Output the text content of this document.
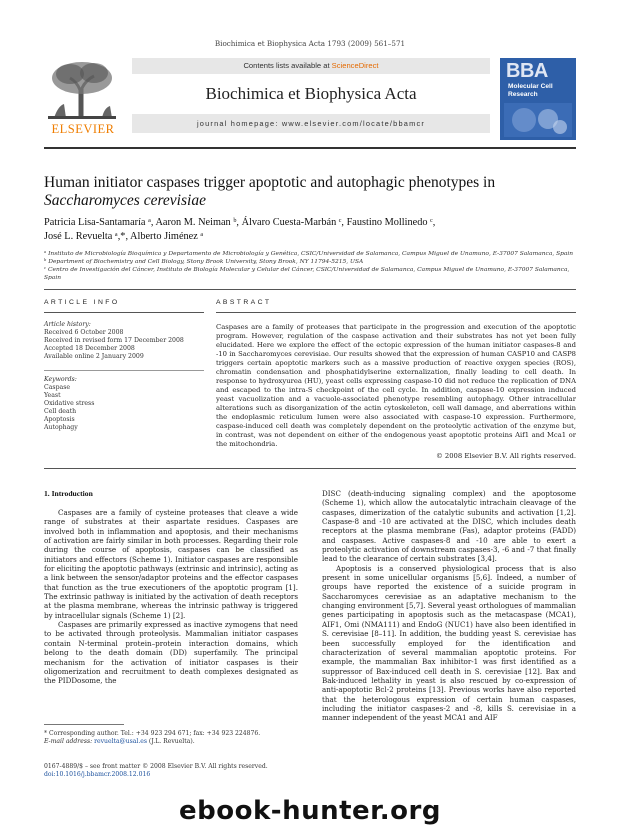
Biochimica et Biophysica Acta 1793 (2009) 561–571
ELSEVIER
Contents lists available at ScienceDirect
Biochimica et Biophysica Acta
journal homepage: www.elsevier.com/locate/bbamcr
BBA
Molecular Cell Research
Human initiator caspases trigger apoptotic and autophagic phenotypes in
Saccharomyces cerevisiae
Patricia Lisa-Santamaría ᵃ, Aaron M. Neiman ᵇ, Álvaro Cuesta-Marbán ᶜ, Faustino Mollinedo ᶜ,
José L. Revuelta ᵃ,*, Alberto Jiménez ᵃ
ᵃ Instituto de Microbiología Bioquímica y Departamento de Microbiología y Genética, CSIC/Universidad de Salamanca, Campus Miguel de Unamuno, E-37007 Salamanca, Spain
ᵇ Department of Biochemistry and Cell Biology, Stony Brook University, Stony Brook, NY 11794-5215, USA
ᶜ Centro de Investigación del Cáncer, Instituto de Biología Molecular y Celular del Cáncer, CSIC/Universidad de Salamanca, Campus Miguel de Unamuno, E-37007 Salamanca, Spain
ARTICLE INFO
Article history:
Received 6 October 2008
Received in revised form 17 December 2008
Accepted 18 December 2008
Available online 2 January 2009
Keywords:
Caspase
Yeast
Oxidative stress
Cell death
Apoptosis
Autophagy
ABSTRACT
Caspases are a family of proteases that participate in the progression and execution of the apoptotic program. However, regulation of the caspase activation and their substrates has not yet been fully elucidated. Here we explore the effect of the ectopic expression of the human initiator caspases-8 and -10 in Saccharomyces cerevisiae. Our results showed that the expression of human CASP10 and CASP8 triggers certain apoptotic markers such as a massive production of reactive oxygen species (ROS), chromatin condensation and phosphatidylserine externalization, finally leading to cell death. In response to hydroxyurea (HU), yeast cells expressing caspase-10 did not reduce the replication of DNA and escaped to the intra-S checkpoint of the cell cycle. In addition, caspase-10 expression induced yeast vacuolization and a vacuole-associated phenotype resembling autophagy. Other intracellular alterations such as disorganization of the actin cytoskeleton, cell wall damage, and aberrations within the endoplasmic reticulum lumen were also associated with caspase-10 expression. Furthermore, caspase-induced cell death was completely dependent on the proteolytic activation of the enzyme but, in contrast, was not dependent on either of the endogenous yeast apoptotic proteins Aif1 and Mca1 or the mitochondria.
© 2008 Elsevier B.V. All rights reserved.
1. Introduction

Caspases are a family of cysteine proteases that cleave a wide range of substrates at their aspartate residues. Caspases are involved both in inflammation and apoptosis, and their mechanisms of activation are fairly similar in both processes. Regarding their role during the course of apoptosis, caspases can be classified as initiators and effectors (Scheme 1). Initiator caspases are responsible for eliciting the apoptotic pathways (extrinsic and intrinsic), acting as a link between the sensor/adaptor proteins and the effector caspases that function as the true executioners of the apoptotic program [1]. The extrinsic pathway is initiated by the activation of death receptors at the plasma membrane, whereas the intrinsic pathway is triggered by intracellular signals (Scheme 1) [2].

Caspases are primarily expressed as inactive zymogens that need to be activated through proteolysis. Mammalian initiator caspases contain N-terminal protein–protein interaction domains, which belong to the death domain (DD) superfamily. The principal mechanism for the activation of initiator caspases is their oligomerization and recruitment to death complexes designated as the PIDDosome, the

DISC (death-inducing signaling complex) and the apoptosome (Scheme 1), which allow the autocatalytic intrachain cleavage of the caspases, dimerization of the catalytic subunits and activation [1,2]. Caspase-8 and -10 are activated at the DISC, which includes death receptors at the plasma membrane (Fas), adaptor proteins (FADD) and caspases. Active caspases-8 and -10 are able to exert a proteolytic activation of downstream caspases-3, -6 and -7 that finally lead to the clearance of certain substrates [3,4].

Apoptosis is a conserved physiological process that is also present in some unicellular organisms [5,6]. Indeed, a number of groups have reported the existence of a suicide program in Saccharomyces cerevisiae as an adaptative mechanism to the changing environment [5,7]. Several yeast orthologues of mammalian genes participating in apoptosis such as the metacaspase (MCA1), AIF1, Omi (NMA111) and EndoG (NUC1) have also been identified in S. cerevisiae [8–11]. In addition, the budding yeast S. cerevisiae has been successfully employed for the identification and characterization of several mammalian apoptotic proteins. For example, the mammalian Bax inhibitor-1 was first identified as a suppressor of Bax-induced cell death in S. cerevisiae [12]. Bax and Bak-induced lethality in yeast is also rescued by co-expression of anti-apoptotic Bcl-2 proteins [13]. Previous works have also reported that the heterologous expression of certain human caspases, including the initiator caspases-2 and -8, kills S. cerevisiae in a manner independent of the yeast MCA1 and AIF

* Corresponding author. Tel.: +34 923 294 671; fax: +34 923 224876.
E-mail address: revuelta@usal.es (J.L. Revuelta).
0167-4889/$ – see front matter © 2008 Elsevier B.V. All rights reserved.
doi:10.1016/j.bbamcr.2008.12.016
ebook-hunter.org
